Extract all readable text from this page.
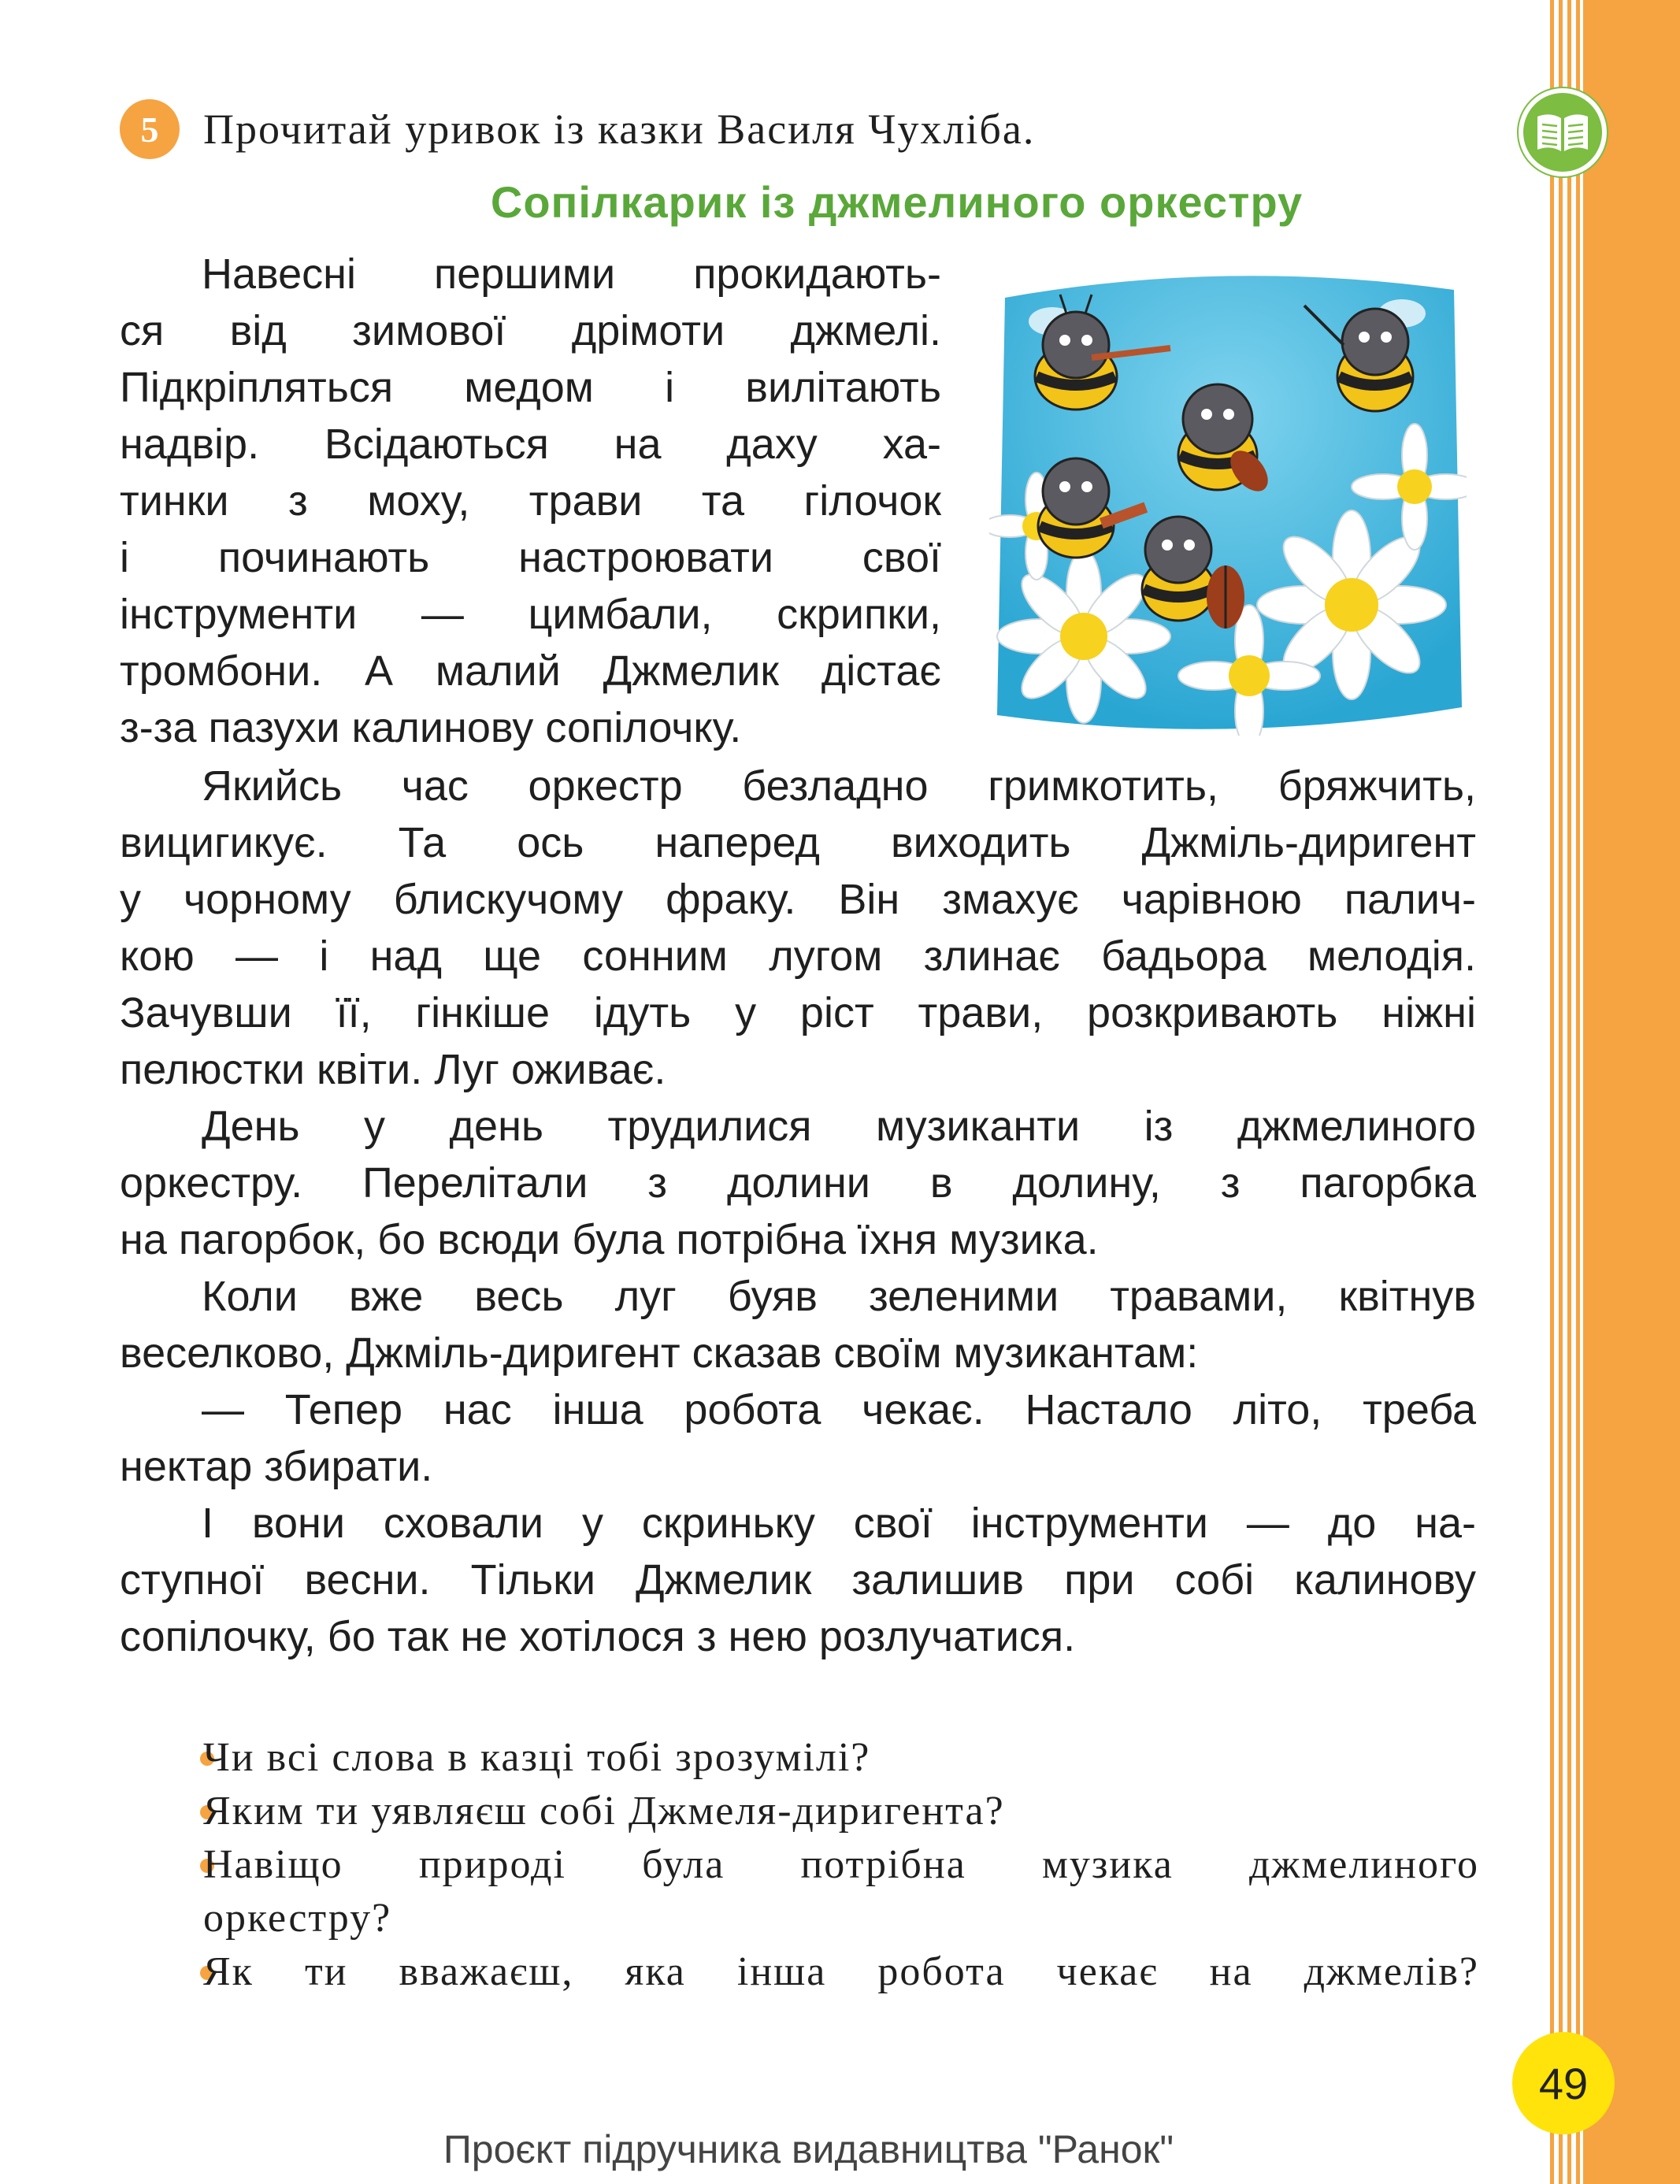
5	Прочитай уривок із казки Василя Чухліба.
Сопілкарик із джмелиного оркестру
Навесні першими прокидають-
ся від зимової дрімоти джмелі.
Підкріпляться медом і вилітають
надвір. Всідаються на даху ха-
тинки з моху, трави та гілочок
і починають настроювати свої
інструменти — цимбали, скрипки,
тромбони. А малий Джмелик дістає
з-за пазухи калинову сопілочку.
Якийсь час оркестр безладно гримкотить, бряжчить,
вицигикує. Та ось наперед виходить Джміль-диригент
у чорному блискучому фраку. Він змахує чарівною палич-
кою — і над ще сонним лугом злинає бадьора мелодія.
Зачувши її, гінкіше ідуть у ріст трави, розкривають ніжні
пелюстки квіти. Луг оживає.
День у день трудилися музиканти із джмелиного
оркестру. Перелітали з долини в долину, з пагорбка
на пагорбок, бо всюди була потрібна їхня музика.
Коли вже весь луг буяв зеленими травами, квітнув
веселково, Джміль-диригент сказав своїм музикантам:
— Тепер нас інша робота чекає. Настало літо, треба
нектар збирати.
І вони сховали у скриньку свої інструменти — до на-
ступної весни. Тільки Джмелик залишив при собі калинову
сопілочку, бо так не хотілося з нею розлучатися.
Чи всі слова в казці тобі зрозумілі?
Яким ти уявляєш собі Джмеля-диригента?
Навіщо природі була потрібна музика джмелиного
оркестру?
Як ти вважаєш, яка інша робота чекає на джмелів?
49
Проєкт підручника видавництва "Ранок"
